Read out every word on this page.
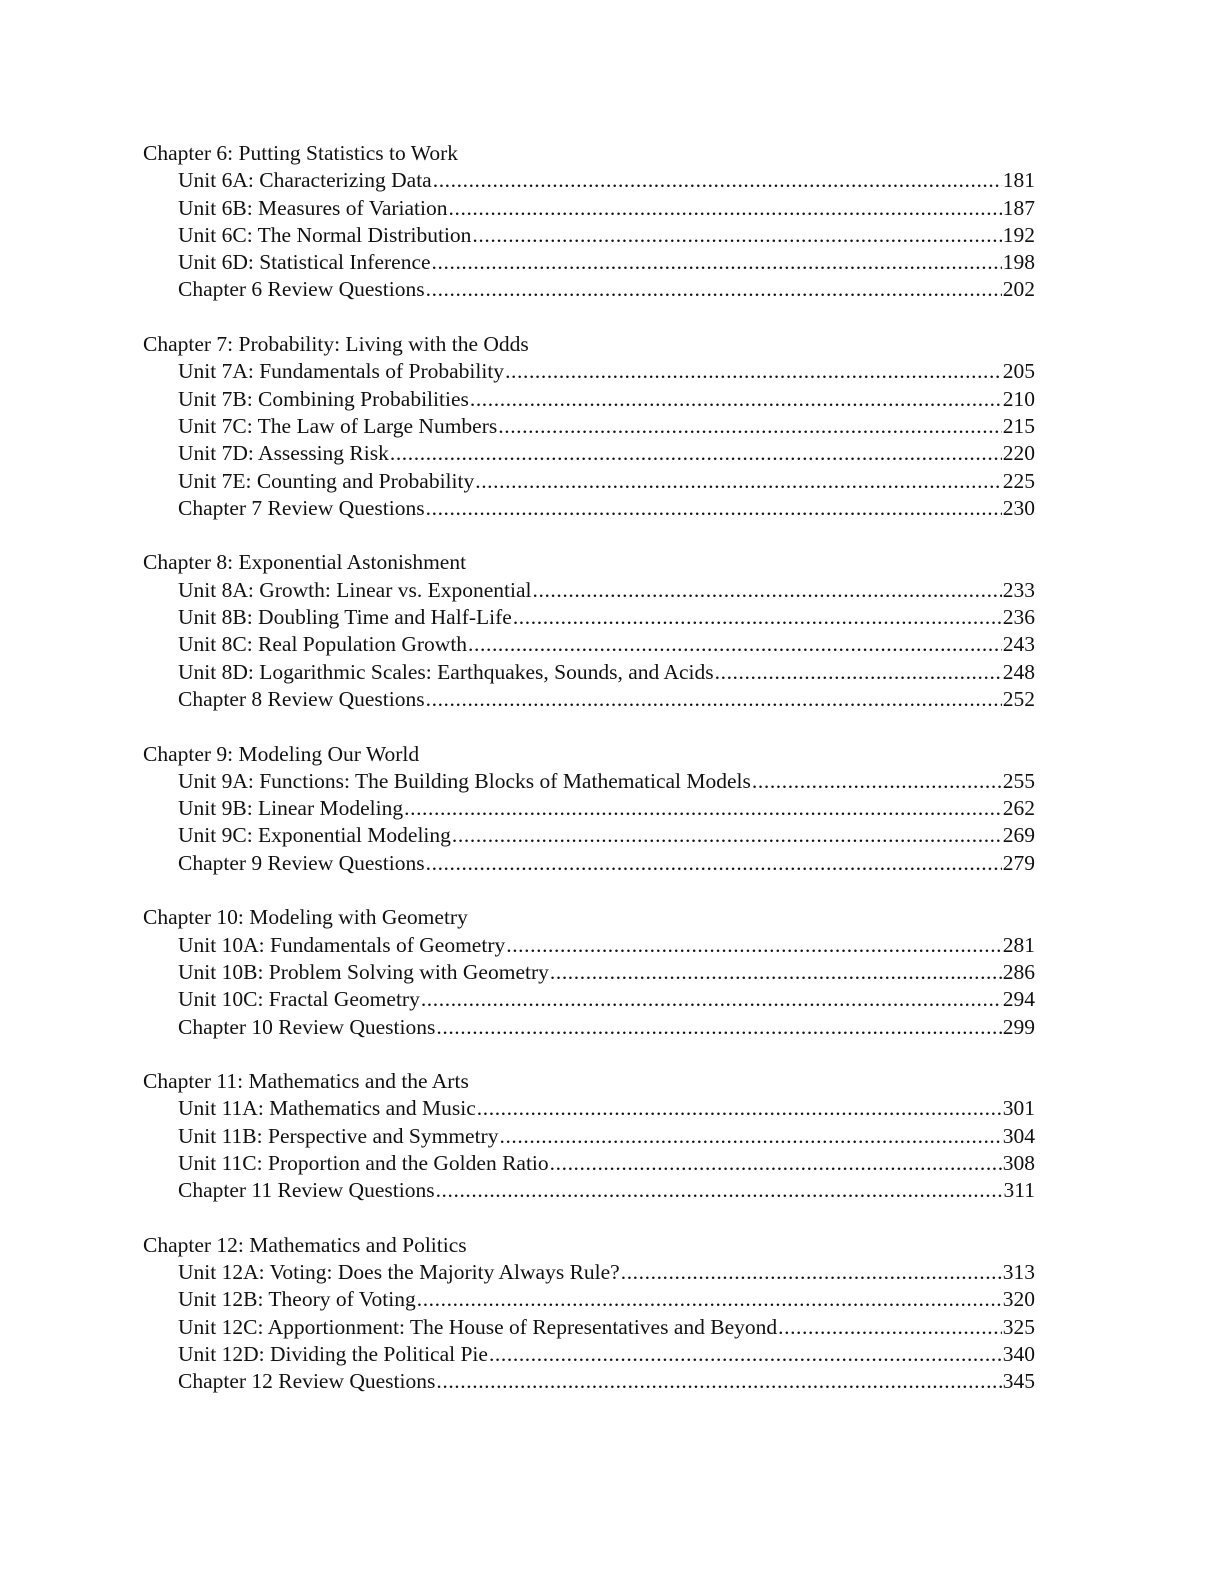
Chapter 6: Putting Statistics to Work
Unit 6A: Characterizing Data .....	181
Unit 6B: Measures of Variation .....	187
Unit 6C: The Normal Distribution .....	192
Unit 6D: Statistical Inference .....	198
Chapter 6 Review Questions .....	202
Chapter 7: Probability: Living with the Odds
Unit 7A: Fundamentals of Probability .....	205
Unit 7B: Combining Probabilities .....	210
Unit 7C: The Law of Large Numbers .....	215
Unit 7D: Assessing Risk .....	220
Unit 7E: Counting and Probability .....	225
Chapter 7 Review Questions .....	230
Chapter 8: Exponential Astonishment
Unit 8A: Growth: Linear vs. Exponential .....	233
Unit 8B: Doubling Time and Half-Life .....	236
Unit 8C: Real Population Growth .....	243
Unit 8D: Logarithmic Scales: Earthquakes, Sounds, and Acids .....	248
Chapter 8 Review Questions .....	252
Chapter 9: Modeling Our World
Unit 9A: Functions: The Building Blocks of Mathematical Models .....	255
Unit 9B: Linear Modeling .....	262
Unit 9C: Exponential Modeling .....	269
Chapter 9 Review Questions .....	279
Chapter 10: Modeling with Geometry
Unit 10A: Fundamentals of Geometry .....	281
Unit 10B: Problem Solving with Geometry .....	286
Unit 10C: Fractal Geometry .....	294
Chapter 10 Review Questions .....	299
Chapter 11: Mathematics and the Arts
Unit 11A: Mathematics and Music .....	301
Unit 11B: Perspective and Symmetry .....	304
Unit 11C: Proportion and the Golden Ratio .....	308
Chapter 11 Review Questions .....	311
Chapter 12: Mathematics and Politics
Unit 12A: Voting: Does the Majority Always Rule? .....	313
Unit 12B: Theory of Voting .....	320
Unit 12C: Apportionment: The House of Representatives and Beyond .....	325
Unit 12D: Dividing the Political Pie .....	340
Chapter 12 Review Questions .....	345
